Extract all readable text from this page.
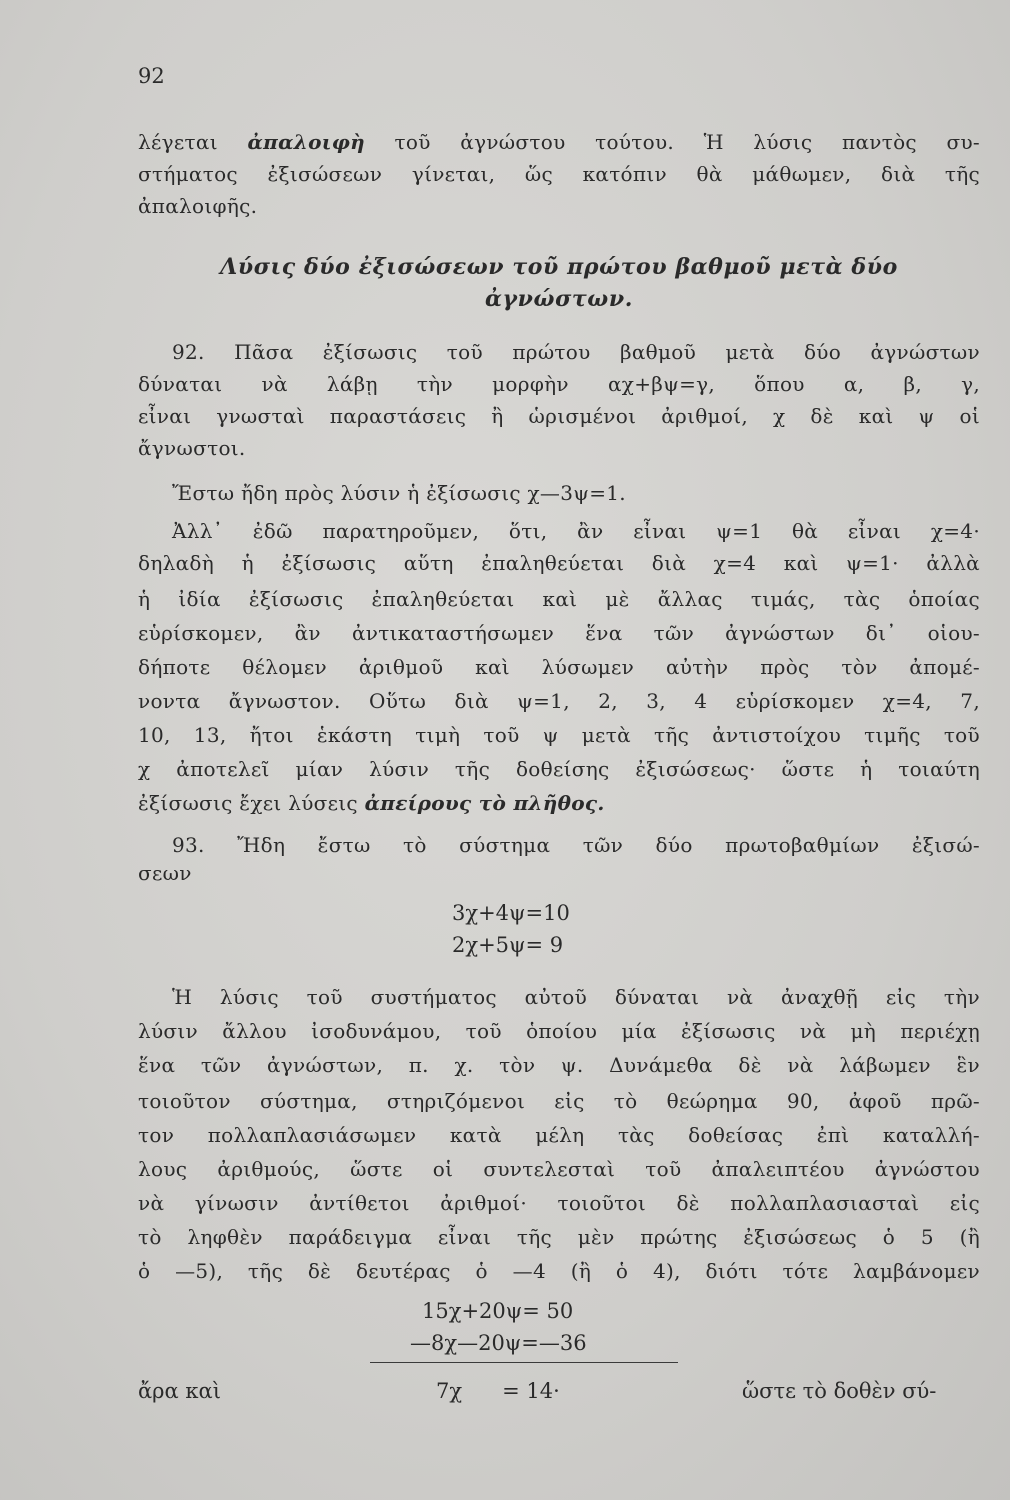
92
λέγεται ἀπαλοιφὴ τοῦ ἀγνώστου τούτου. Ἡ λύσις παντὸς συ-
στήματος ἐξισώσεων γίνεται, ὥς κατόπιν θὰ μάθωμεν, διὰ τῆς
ἀπαλοιφῆς.
Λύσις δύο ἐξισώσεων τοῦ πρώτου βαθμοῦ μετὰ δύο
ἀγνώστων.
92. Πᾶσα ἐξίσωσις τοῦ πρώτου βαθμοῦ μετὰ δύο ἀγνώστων
δύναται νὰ λάβῃ τὴν μορφὴν αχ+βψ=γ, ὅπου α, β, γ,
εἶναι γνωσταὶ παραστάσεις ἢ ὡρισμένοι ἀριθμοί, χ δὲ καὶ ψ οἱ
ἄγνωστοι.
Ἔστω ἤδη πρὸς λύσιν ἡ ἐξίσωσις χ—3ψ=1.
Ἀλλ᾽ ἐδῶ παρατηροῦμεν, ὅτι, ἂν εἶναι ψ=1 θὰ εἶναι χ=4·
δηλαδὴ ἡ ἐξίσωσις αὕτη ἐπαληθεύεται διὰ χ=4 καὶ ψ=1· ἀλλὰ
ἡ ἰδία ἐξίσωσις ἐπαληθεύεται καὶ μὲ ἄλλας τιμάς, τὰς ὁποίας
εὑρίσκομεν, ἂν ἀντικαταστήσωμεν ἕνα τῶν ἀγνώστων δι᾽ οἱου-
δήποτε θέλομεν ἀριθμοῦ καὶ λύσωμεν αὐτὴν πρὸς τὸν ἀπομέ-
νοντα ἄγνωστον. Οὕτω διὰ ψ=1, 2, 3, 4 εὑρίσκομεν χ=4, 7,
10, 13, ἤτοι ἑκάστη τιμὴ τοῦ ψ μετὰ τῆς ἀντιστοίχου τιμῆς τοῦ
χ ἀποτελεῖ μίαν λύσιν τῆς δοθείσης ἐξισώσεως· ὥστε ἡ τοιαύτη
ἐξίσωσις ἔχει λύσεις ἀπείρους τὸ πλῆθος.
93. Ἤδη ἔστω τὸ σύστημα τῶν δύο πρωτοβαθμίων ἐξισώ-
σεων
3χ+4ψ=10
2χ+5ψ= 9
Ἡ λύσις τοῦ συστήματος αὐτοῦ δύναται νὰ ἀναχθῇ εἰς τὴν
λύσιν ἄλλου ἰσοδυνάμου, τοῦ ὁποίου μία ἐξίσωσις νὰ μὴ περιέχῃ
ἕνα τῶν ἀγνώστων, π. χ. τὸν ψ. Δυνάμεθα δὲ νὰ λάβωμεν ἓν
τοιοῦτον σύστημα, στηριζόμενοι εἰς τὸ θεώρημα 90, ἀφοῦ πρῶ-
τον πολλαπλασιάσωμεν κατὰ μέλη τὰς δοθείσας ἐπὶ καταλλή-
λους ἀριθμούς, ὥστε οἱ συντελεσταὶ τοῦ ἀπαλειπτέου ἀγνώστου
νὰ γίνωσιν ἀντίθετοι ἀριθμοί· τοιοῦτοι δὲ πολλαπλασιασταὶ εἰς
τὸ ληφθὲν παράδειγμα εἶναι τῆς μὲν πρώτης ἐξισώσεως ὁ 5 (ἢ
ὁ —5), τῆς δὲ δευτέρας ὁ —4 (ἢ ὁ 4), διότι τότε λαμβάνομεν
15χ+20ψ= 50
—8χ—20ψ=—36
ἄρα καὶ	7χ      = 14·	ὥστε τὸ δοθὲν σύ-
